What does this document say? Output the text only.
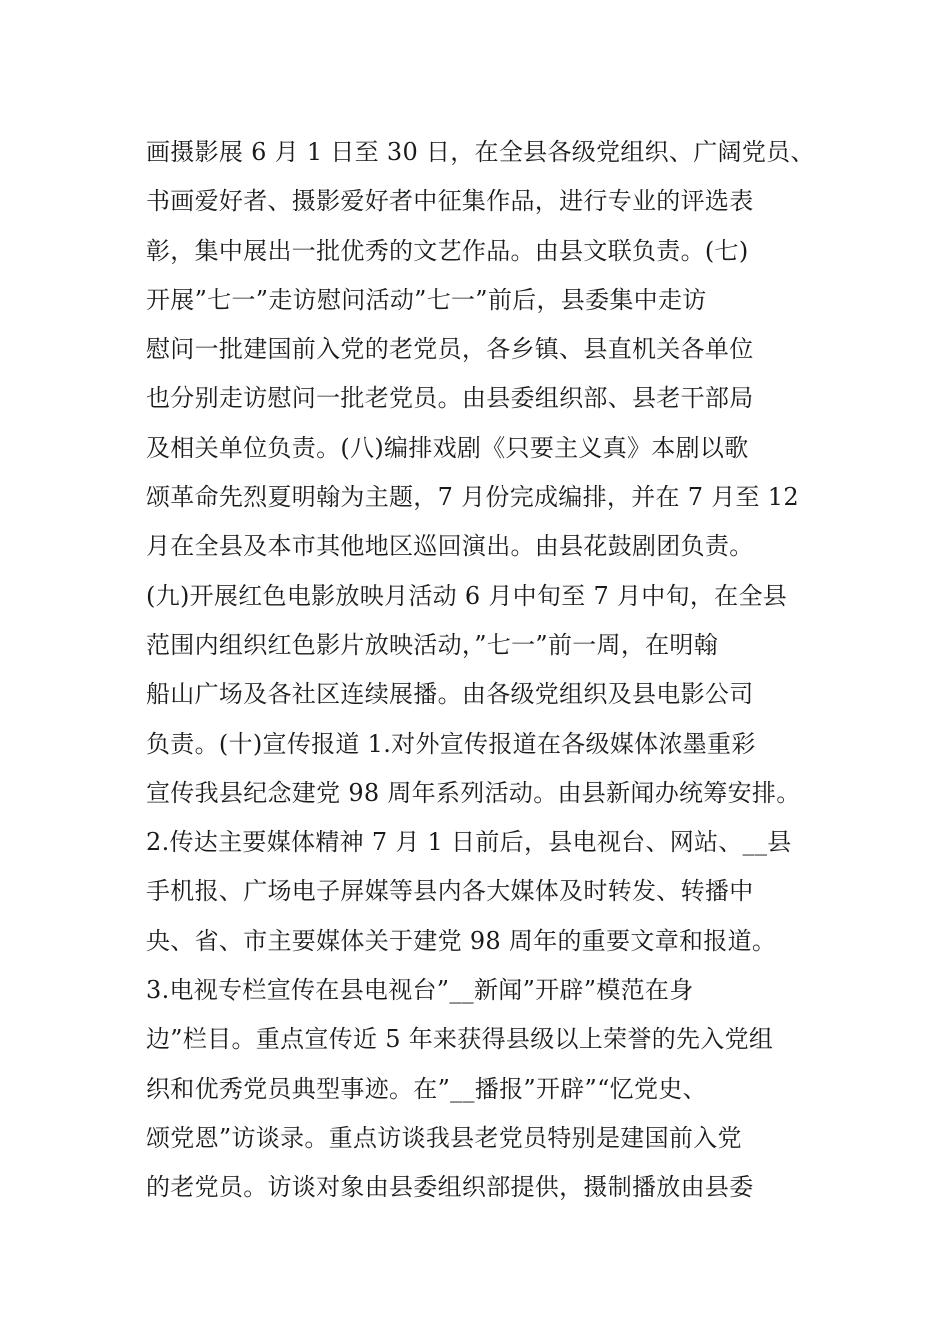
画摄影展 6 月 1 日至 30 日，在全县各级党组织、广阔党员、
书画爱好者、摄影爱好者中征集作品，进行专业的评选表
彰，集中展出一批优秀的文艺作品。由县文联负责。(七)
开展”七一”走访慰问活动”七一”前后，县委集中走访
慰问一批建国前入党的老党员，各乡镇、县直机关各单位
也分别走访慰问一批老党员。由县委组织部、县老干部局
及相关单位负责。(八)编排戏剧《只要主义真》本剧以歌
颂革命先烈夏明翰为主题，7 月份完成编排，并在 7 月至 12
月在全县及本市其他地区巡回演出。由县花鼓剧团负责。
(九)开展红色电影放映月活动 6 月中旬至 7 月中旬，在全县
范围内组织红色影片放映活动，”七一”前一周，在明翰
船山广场及各社区连续展播。由各级党组织及县电影公司
负责。(十)宣传报道 1.对外宣传报道在各级媒体浓墨重彩
宣传我县纪念建党 98 周年系列活动。由县新闻办统筹安排。
2.传达主要媒体精神 7 月 1 日前后，县电视台、网站、__县
手机报、广场电子屏媒等县内各大媒体及时转发、转播中
央、省、市主要媒体关于建党 98 周年的重要文章和报道。
3.电视专栏宣传在县电视台”__新闻”开辟”模范在身
边”栏目。重点宣传近 5 年来获得县级以上荣誉的先入党组
织和优秀党员典型事迹。在”__播报”开辟”“忆党史、
颂党恩”访谈录。重点访谈我县老党员特别是建国前入党
的老党员。访谈对象由县委组织部提供，摄制播放由县委
